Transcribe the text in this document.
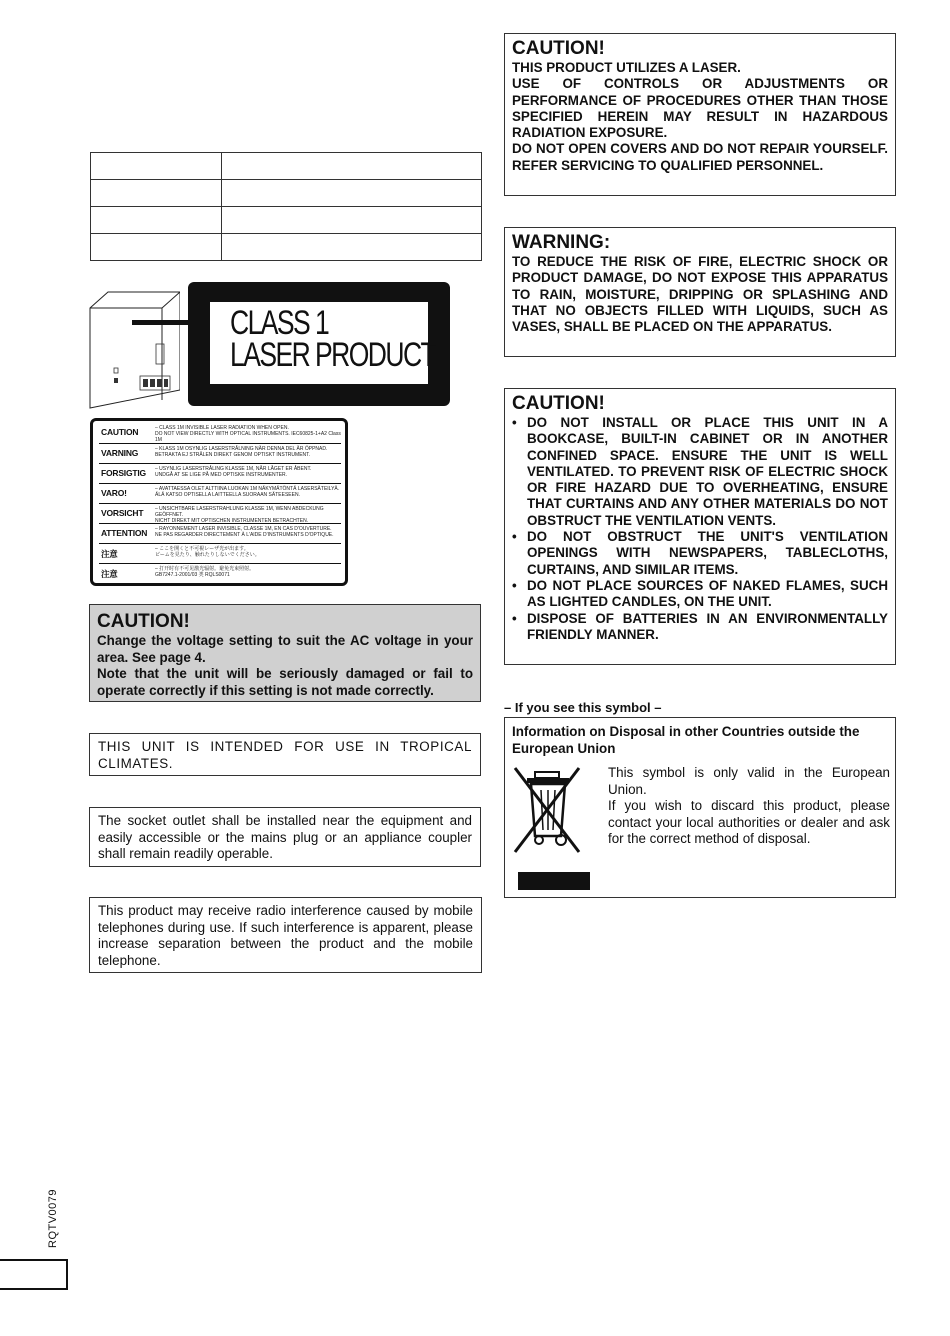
CLASS 1
LASER PRODUCT
CAUTION	– CLASS 1M INVISIBLE LASER RADIATION WHEN OPEN.
DO NOT VIEW DIRECTLY WITH OPTICAL INSTRUMENTS. IEC60825-1+A2 Class 1M
VARNING	– KLASS 1M OSYNLIG LASERSTRÅLNING NÄR DENNA DEL ÄR ÖPPNAD.
BETRAKTA EJ STRÅLEN DIREKT GENOM OPTISKT INSTRUMENT.
FORSIGTIG – USYNLIG LASERSTRÅLING KLASSE 1M, NÅR LÅGET ER ÅBENT.
UNDGÅ AT SE LIGE PÅ MED OPTISKE INSTRUMENTER.
VARO!	– AVATTAESSA OLET ALTTIINA LUOKAN 1M NÄKYMÄTÖNTÄ LASERSÄTEILYÄ.
ÄLÄ KATSO OPTISELLA LAITTEELLA SUORAAN SÄTEESEEN.
VORSICHT – UNSICHTBARE LASERSTRAHLUNG KLASSE 1M, WENN ABDECKUNG GEÖFFNET.
NICHT DIREKT MIT OPTISCHEN INSTRUMENTEN BETRACHTEN.
ATTENTION – RAYONNEMENT LASER INVISIBLE, CLASSE 1M, EN CAS D'OUVERTURE.
NE PAS REGARDER DIRECTEMENT À L'AIDE D'INSTRUMENTS D'OPTIQUE.
注意	– ここを開くと不可視レーザ光が出ます。
ビームを見たり、触れたりしないでください。
注意	– 打开时有不可见激光辐射。避免光束照射。
GB7247.1-2001/03 类 RQLS0071
CAUTION!
Change the voltage setting to suit the AC voltage in your area. See page 4.
Note that the unit will be seriously damaged or fail to operate correctly if this setting is not made correctly.
THIS UNIT IS INTENDED FOR USE IN TROPICAL CLIMATES.
The socket outlet shall be installed near the equipment and easily accessible or the mains plug or an appliance coupler shall remain readily operable.
This product may receive radio interference caused by mobile telephones during use. If such interference is apparent, please increase separation between the product and the mobile telephone.
CAUTION!
THIS PRODUCT UTILIZES A LASER.
USE OF CONTROLS OR ADJUSTMENTS OR PERFORMANCE OF PROCEDURES OTHER THAN THOSE SPECIFIED HEREIN MAY RESULT IN HAZARDOUS RADIATION EXPOSURE.
DO NOT OPEN COVERS AND DO NOT REPAIR YOURSELF. REFER SERVICING TO QUALIFIED PERSONNEL.
WARNING:
TO REDUCE THE RISK OF FIRE, ELECTRIC SHOCK OR PRODUCT DAMAGE, DO NOT EXPOSE THIS APPARATUS TO RAIN, MOISTURE, DRIPPING OR SPLASHING AND THAT NO OBJECTS FILLED WITH LIQUIDS, SUCH AS VASES, SHALL BE PLACED ON THE APPARATUS.
CAUTION!
• DO NOT INSTALL OR PLACE THIS UNIT IN A BOOKCASE, BUILT-IN CABINET OR IN ANOTHER CONFINED SPACE. ENSURE THE UNIT IS WELL VENTILATED. TO PREVENT RISK OF ELECTRIC SHOCK OR FIRE HAZARD DUE TO OVERHEATING, ENSURE THAT CURTAINS AND ANY OTHER MATERIALS DO NOT OBSTRUCT THE VENTILATION VENTS.
• DO NOT OBSTRUCT THE UNIT'S VENTILATION OPENINGS WITH NEWSPAPERS, TABLECLOTHS, CURTAINS, AND SIMILAR ITEMS.
• DO NOT PLACE SOURCES OF NAKED FLAMES, SUCH AS LIGHTED CANDLES, ON THE UNIT.
• DISPOSE OF BATTERIES IN AN ENVIRONMENTALLY FRIENDLY MANNER.
– If you see this symbol –
Information on Disposal in other Countries outside the European Union
This symbol is only valid in the European Union.
If you wish to discard this product, please contact your local authorities or dealer and ask for the correct method of disposal.
RQTV0079
